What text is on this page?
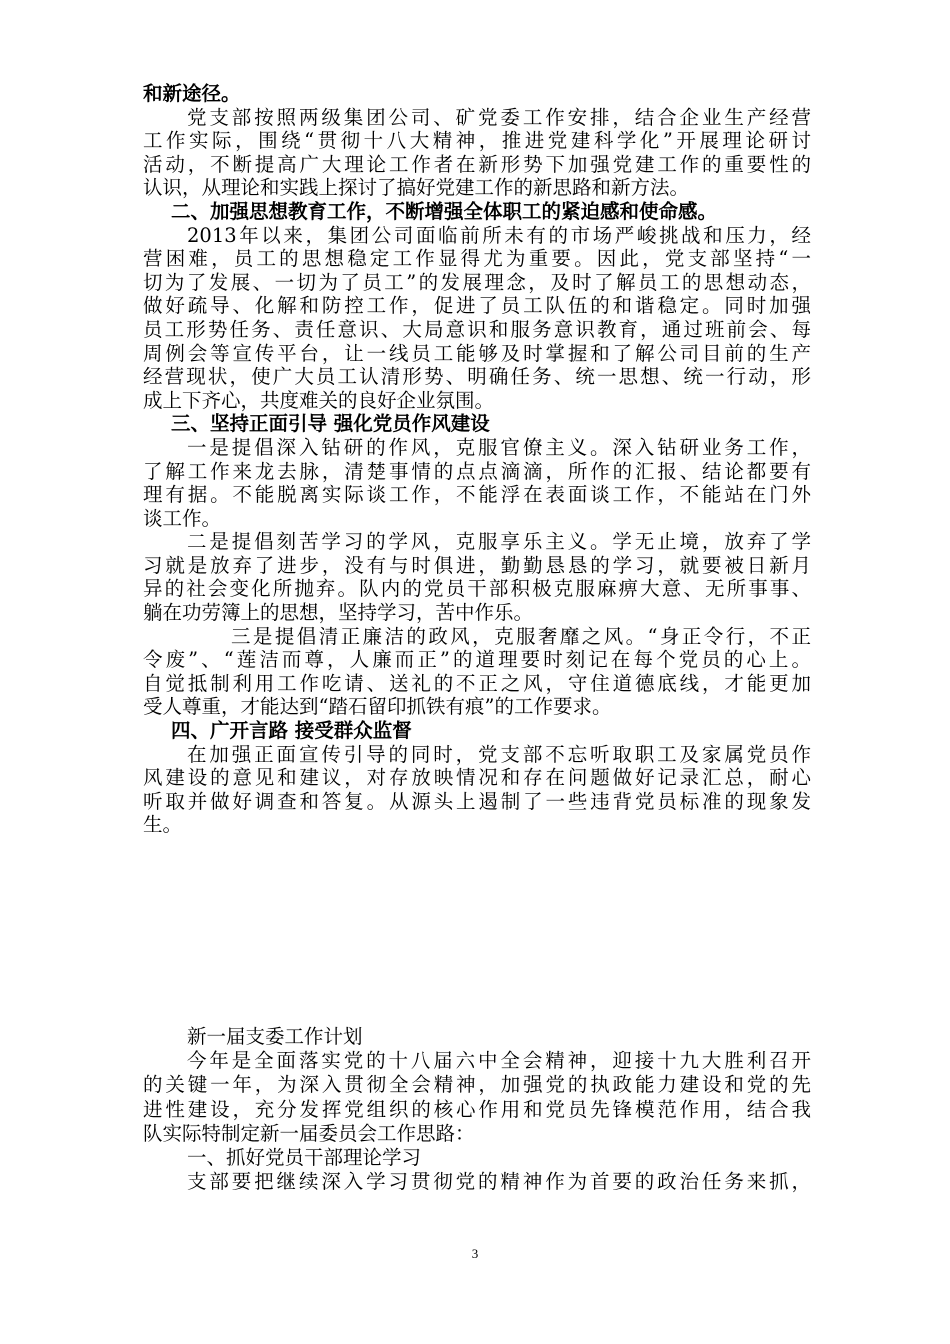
和新途径。
党支部按照两级集团公司、矿党委工作安排，结合企业生产经营
工作实际，围绕“贯彻十八大精神，推进党建科学化”开展理论研讨
活动，不断提高广大理论工作者在新形势下加强党建工作的重要性的
认识，从理论和实践上探讨了搞好党建工作的新思路和新方法。
二、加强思想教育工作，不断增强全体职工的紧迫感和使命感。
2013年以来，集团公司面临前所未有的市场严峻挑战和压力，经
营困难，员工的思想稳定工作显得尤为重要。因此，党支部坚持“一
切为了发展、一切为了员工”的发展理念，及时了解员工的思想动态，
做好疏导、化解和防控工作，促进了员工队伍的和谐稳定。同时加强
员工形势任务、责任意识、大局意识和服务意识教育，通过班前会、每
周例会等宣传平台，让一线员工能够及时掌握和了解公司目前的生产
经营现状，使广大员工认清形势、明确任务、统一思想、统一行动，形
成上下齐心，共度难关的良好企业氛围。
三、坚持正面引导 强化党员作风建设
一是提倡深入钻研的作风，克服官僚主义。深入钻研业务工作，
了解工作来龙去脉，清楚事情的点点滴滴，所作的汇报、结论都要有
理有据。不能脱离实际谈工作，不能浮在表面谈工作，不能站在门外
谈工作。
二是提倡刻苦学习的学风，克服享乐主义。学无止境，放弃了学
习就是放弃了进步，没有与时俱进，勤勤恳恳的学习，就要被日新月
异的社会变化所抛弃。队内的党员干部积极克服麻痹大意、无所事事、
躺在功劳簿上的思想，坚持学习，苦中作乐。
三是提倡清正廉洁的政风，克服奢靡之风。“身正令行，不正
令废”、“莲洁而尊，人廉而正”的道理要时刻记在每个党员的心上。
自觉抵制利用工作吃请、送礼的不正之风，守住道德底线，才能更加
受人尊重，才能达到“踏石留印抓铁有痕”的工作要求。
四、广开言路 接受群众监督
在加强正面宣传引导的同时，党支部不忘听取职工及家属党员作
风建设的意见和建议，对存放映情况和存在问题做好记录汇总，耐心
听取并做好调查和答复。从源头上遏制了一些违背党员标准的现象发
生。
新一届支委工作计划
今年是全面落实党的十八届六中全会精神，迎接十九大胜利召开
的关键一年，为深入贯彻全会精神，加强党的执政能力建设和党的先
进性建设，充分发挥党组织的核心作用和党员先锋模范作用，结合我
队实际特制定新一届委员会工作思路：
一、抓好党员干部理论学习
支部要把继续深入学习贯彻党的精神作为首要的政治任务来抓，
3
